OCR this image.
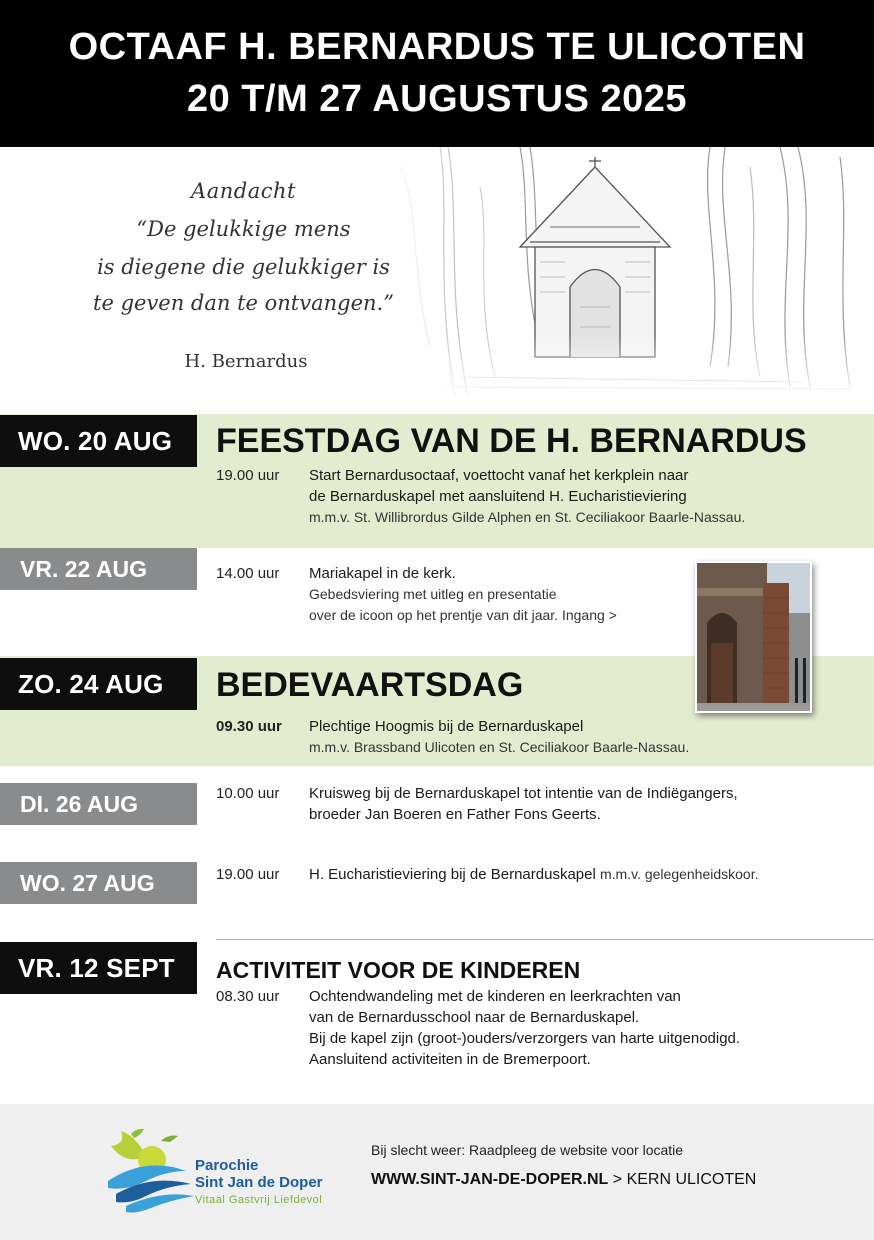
OCTAAF H. BERNARDUS TE ULICOTEN
20 T/M 27 AUGUSTUS 2025
Aandacht
“De gelukkige mens
is diegene die gelukkiger is
te geven dan te ontvangen.”
H. Bernardus
WO. 20 AUG	FEESTDAG VAN DE H. BERNARDUS
19.00 uur Start Bernardusoctaaf, voettocht vanaf het kerkplein naar
de Bernarduskapel met aansluitend H. Eucharistieviering
m.m.v. St. Willibrordus Gilde Alphen en St. Ceciliakoor Baarle-Nassau.
VR. 22 AUG	14.00 uur Mariakapel in de kerk.
Gebedsviering met uitleg en presentatie
over de icoon op het prentje van dit jaar. Ingang >
ZO. 24 AUG	BEDEVAARTSDAG
09.30 uur Plechtige Hoogmis bij de Bernarduskapel
m.m.v. Brassband Ulicoten en St. Ceciliakoor Baarle-Nassau.
DI. 26 AUG	10.00 uur Kruisweg bij de Bernarduskapel tot intentie van de Indiëgangers,
broeder Jan Boeren en Father Fons Geerts.
WO. 27 AUG	19.00 uur H. Eucharistieviering bij de Bernarduskapel m.m.v. gelegenheidskoor.
VR. 12 SEPT	ACTIVITEIT VOOR DE KINDEREN
08.30 uur Ochtendwandeling met de kinderen en leerkrachten van
van de Bernardusschool naar de Bernarduskapel.
Bij de kapel zijn (groot-)ouders/verzorgers van harte uitgenodigd.
Aansluitend activiteiten in de Bremerpoort.
Parochie
Sint Jan de Doper
Vitaal Gastvrij Liefdevol
Bij slecht weer: Raadpleeg de website voor locatie
WWW.SINT-JAN-DE-DOPER.NL > KERN ULICOTEN
